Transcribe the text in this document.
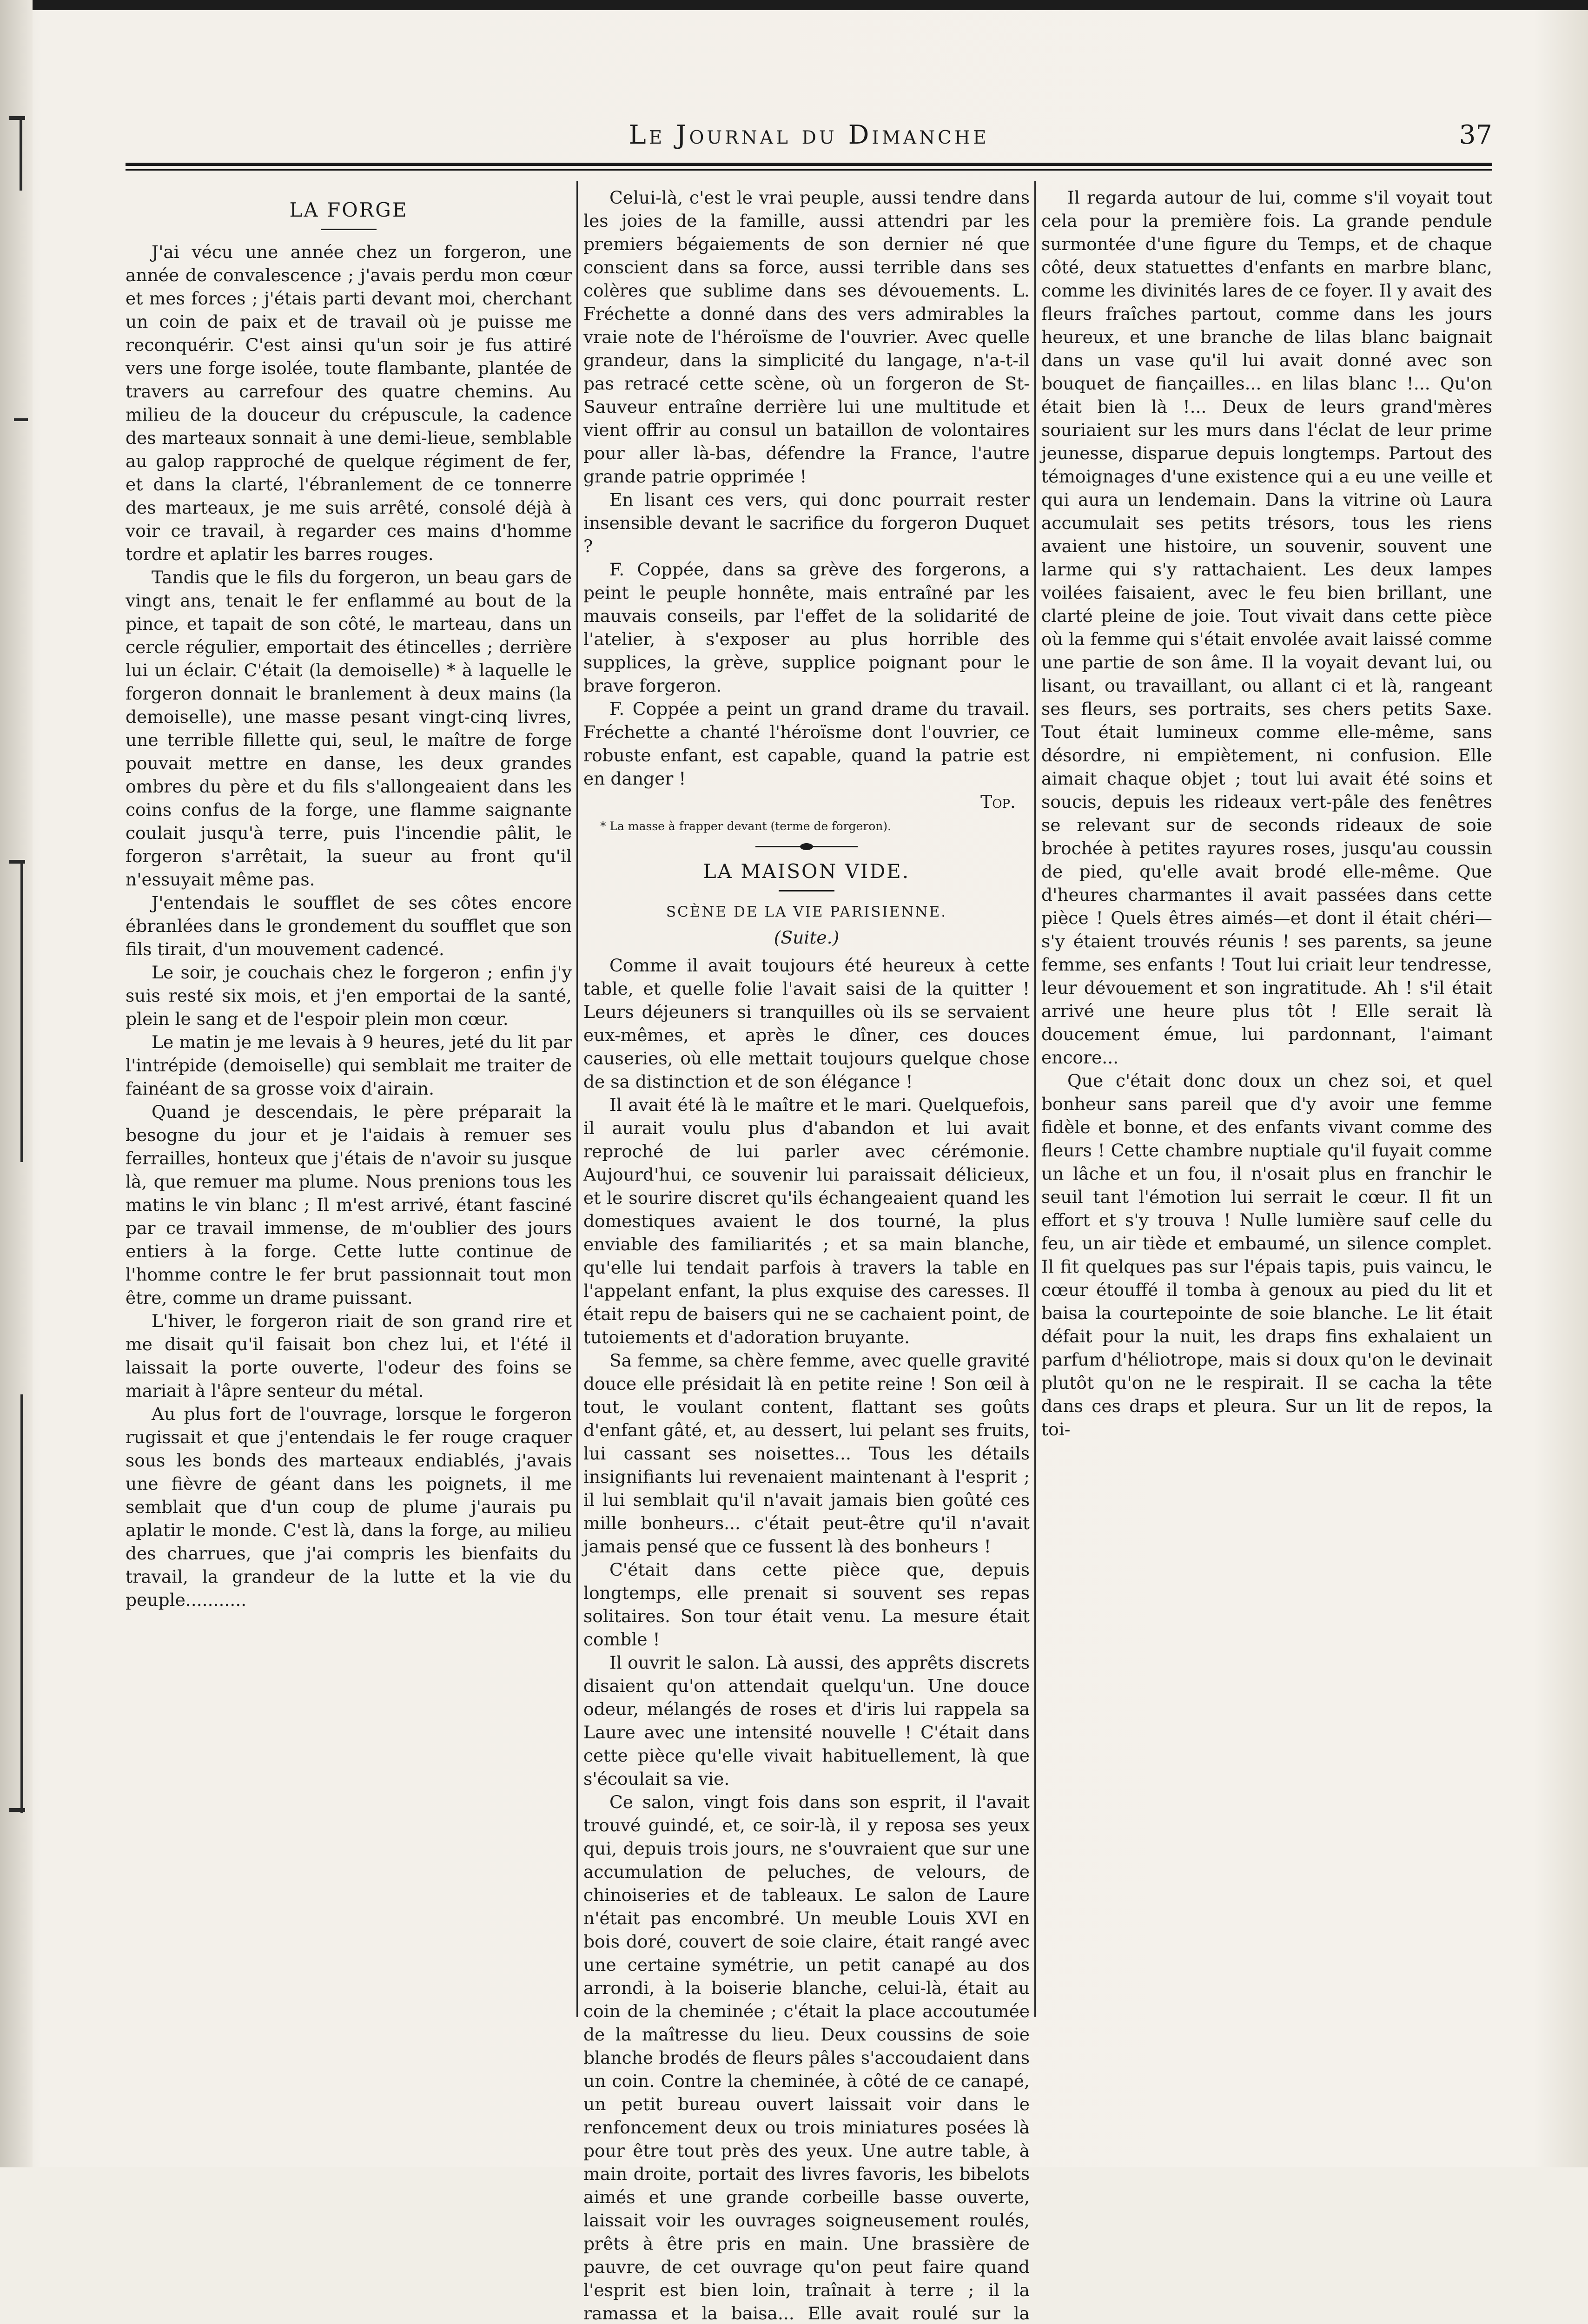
Le Journal du Dimanche	37
LA FORGE

J'ai vécu une année chez un forgeron, une année de convalescence ; j'avais perdu mon cœur et mes forces ; j'étais parti devant moi, cherchant un coin de paix et de travail où je puisse me reconquérir. C'est ainsi qu'un soir je fus attiré vers une forge isolée, toute flambante, plantée de travers au carrefour des quatre chemins. Au milieu de la douceur du crépuscule, la cadence des marteaux sonnait à une demi-lieue, semblable au galop rapproché de quelque régiment de fer, et dans la clarté, l'ébranlement de ce tonnerre des marteaux, je me suis arrêté, consolé déjà à voir ce travail, à regarder ces mains d'homme tordre et aplatir les barres rouges.

Tandis que le fils du forgeron, un beau gars de vingt ans, tenait le fer enflammé au bout de la pince, et tapait de son côté, le marteau, dans un cercle régulier, emportait des étincelles ; derrière lui un éclair. C'était (la demoiselle) * à laquelle le forgeron donnait le branlement à deux mains (la demoiselle), une masse pesant vingt-cinq livres, une terrible fillette qui, seul, le maître de forge pouvait mettre en danse, les deux grandes ombres du père et du fils s'allongeaient dans les coins confus de la forge, une flamme saignante coulait jusqu'à terre, puis l'incendie pâlit, le forgeron s'arrêtait, la sueur au front qu'il n'essuyait même pas.

J'entendais le soufflet de ses côtes encore ébranlées dans le grondement du soufflet que son fils tirait, d'un mouvement cadencé.

Le soir, je couchais chez le forgeron ; enfin j'y suis resté six mois, et j'en emportai de la santé, plein le sang et de l'espoir plein mon cœur.

Le matin je me levais à 9 heures, jeté du lit par l'intrépide (demoiselle) qui semblait me traiter de fainéant de sa grosse voix d'airain.

Quand je descendais, le père préparait la besogne du jour et je l'aidais à remuer ses ferrailles, honteux que j'étais de n'avoir su jusque là, que remuer ma plume. Nous prenions tous les matins le vin blanc ; Il m'est arrivé, étant fasciné par ce travail immense, de m'oublier des jours entiers à la forge. Cette lutte continue de l'homme contre le fer brut passionnait tout mon être, comme un drame puissant.

L'hiver, le forgeron riait de son grand rire et me disait qu'il faisait bon chez lui, et l'été il laissait la porte ouverte, l'odeur des foins se mariait à l'âpre senteur du métal.

Au plus fort de l'ouvrage, lorsque le forgeron rugissait et que j'entendais le fer rouge craquer sous les bonds des marteaux endiablés, j'avais une fièvre de géant dans les poignets, il me semblait que d'un coup de plume j'aurais pu aplatir le monde. C'est là, dans la forge, au milieu des charrues, que j'ai compris les bienfaits du travail, la grandeur de la lutte et la vie du peuple...........

Celui-là, c'est le vrai peuple, aussi tendre dans les joies de la famille, aussi attendri par les premiers bégaiements de son dernier né que conscient dans sa force, aussi terrible dans ses colères que sublime dans ses dévouements. L. Fréchette a donné dans des vers admirables la vraie note de l'héroïsme de l'ouvrier. Avec quelle grandeur, dans la simplicité du langage, n'a-t-il pas retracé cette scène, où un forgeron de St-Sauveur entraîne derrière lui une multitude et vient offrir au consul un bataillon de volontaires pour aller là-bas, défendre la France, l'autre grande patrie opprimée !

En lisant ces vers, qui donc pourrait rester insensible devant le sacrifice du forgeron Duquet ?

F. Coppée, dans sa grève des forgerons, a peint le peuple honnête, mais entraîné par les mauvais conseils, par l'effet de la solidarité de l'atelier, à s'exposer au plus horrible des supplices, la grève, supplice poignant pour le brave forgeron.

F. Coppée a peint un grand drame du travail. Fréchette a chanté l'héroïsme dont l'ouvrier, ce robuste enfant, est capable, quand la patrie est en danger !

Top.

* La masse à frapper devant (terme de forgeron).

LA MAISON VIDE.
SCÈNE DE LA VIE PARISIENNE.
(Suite.)

Comme il avait toujours été heureux à cette table, et quelle folie l'avait saisi de la quitter ! Leurs déjeuners si tranquilles où ils se servaient eux-mêmes, et après le dîner, ces douces causeries, où elle mettait toujours quelque chose de sa distinction et de son élégance !

Il avait été là le maître et le mari. Quelquefois, il aurait voulu plus d'abandon et lui avait reproché de lui parler avec cérémonie. Aujourd'hui, ce souvenir lui paraissait délicieux, et le sourire discret qu'ils échangeaient quand les domestiques avaient le dos tourné, la plus enviable des familiarités ; et sa main blanche, qu'elle lui tendait parfois à travers la table en l'appelant enfant, la plus exquise des caresses. Il était repu de baisers qui ne se cachaient point, de tutoiements et d'adoration bruyante.

Sa femme, sa chère femme, avec quelle gravité douce elle présidait là en petite reine ! Son œil à tout, le voulant content, flattant ses goûts d'enfant gâté, et, au dessert, lui pelant ses fruits, lui cassant ses noisettes... Tous les détails insignifiants lui revenaient maintenant à l'esprit ; il lui semblait qu'il n'avait jamais bien goûté ces mille bonheurs... c'était peut-être qu'il n'avait jamais pensé que ce fussent là des bonheurs !

C'était dans cette pièce que, depuis longtemps, elle prenait si souvent ses repas solitaires. Son tour était venu. La mesure était comble !

Il ouvrit le salon. Là aussi, des apprêts discrets disaient qu'on attendait quelqu'un. Une douce odeur, mélangés de roses et d'iris lui rappela sa Laure avec une intensité nouvelle ! C'était dans cette pièce qu'elle vivait habituellement, là que s'écoulait sa vie.

Ce salon, vingt fois dans son esprit, il l'avait trouvé guindé, et, ce soir-là, il y reposa ses yeux qui, depuis trois jours, ne s'ouvraient que sur une accumulation de peluches, de velours, de chinoiseries et de tableaux. Le salon de Laure n'était pas encombré. Un meuble Louis XVI en bois doré, couvert de soie claire, était rangé avec une certaine symétrie, un petit canapé au dos arrondi, à la boiserie blanche, celui-là, était au coin de la cheminée ; c'était la place accoutumée de la maîtresse du lieu. Deux coussins de soie blanche brodés de fleurs pâles s'accoudaient dans un coin. Contre la cheminée, à côté de ce canapé, un petit bureau ouvert laissait voir dans le renfoncement deux ou trois miniatures posées là pour être tout près des yeux. Une autre table, à main droite, portait des livres favoris, les bibelots aimés et une grande corbeille basse ouverte, laissait voir les ouvrages soigneusement roulés, prêts à être pris en main. Une brassière de pauvre, de cet ouvrage qu'on peut faire quand l'esprit est bien loin, traînait à terre ; il la ramassa et la baisa... Elle avait roulé sur la

Il regarda autour de lui, comme s'il voyait tout cela pour la première fois. La grande pendule surmontée d'une figure du Temps, et de chaque côté, deux statuettes d'enfants en marbre blanc, comme les divinités lares de ce foyer. Il y avait des fleurs fraîches partout, comme dans les jours heureux, et une branche de lilas blanc baignait dans un vase qu'il lui avait donné avec son bouquet de fiançailles... en lilas blanc !... Qu'on était bien là !... Deux de leurs grand'mères souriaient sur les murs dans l'éclat de leur prime jeunesse, disparue depuis longtemps. Partout des témoignages d'une existence qui a eu une veille et qui aura un lendemain. Dans la vitrine où Laura accumulait ses petits trésors, tous les riens avaient une histoire, un souvenir, souvent une larme qui s'y rattachaient. Les deux lampes voilées faisaient, avec le feu bien brillant, une clarté pleine de joie. Tout vivait dans cette pièce où la femme qui s'était envolée avait laissé comme une partie de son âme. Il la voyait devant lui, ou lisant, ou travaillant, ou allant ci et là, rangeant ses fleurs, ses portraits, ses chers petits Saxe. Tout était lumineux comme elle-même, sans désordre, ni empiètement, ni confusion. Elle aimait chaque objet ; tout lui avait été soins et soucis, depuis les rideaux vert-pâle des fenêtres se relevant sur de seconds rideaux de soie brochée à petites rayures roses, jusqu'au coussin de pied, qu'elle avait brodé elle-même. Que d'heures charmantes il avait passées dans cette pièce ! Quels êtres aimés—et dont il était chéri—s'y étaient trouvés réunis ! ses parents, sa jeune femme, ses enfants ! Tout lui criait leur tendresse, leur dévouement et son ingratitude. Ah ! s'il était arrivé une heure plus tôt ! Elle serait là doucement émue, lui pardonnant, l'aimant encore...

Que c'était donc doux un chez soi, et quel bonheur sans pareil que d'y avoir une femme fidèle et bonne, et des enfants vivant comme des fleurs ! Cette chambre nuptiale qu'il fuyait comme un lâche et un fou, il n'osait plus en franchir le seuil tant l'émotion lui serrait le cœur. Il fit un effort et s'y trouva ! Nulle lumière sauf celle du feu, un air tiède et embaumé, un silence complet. Il fit quelques pas sur l'épais tapis, puis vaincu, le cœur étouffé il tomba à genoux au pied du lit et baisa la courtepointe de soie blanche. Le lit était défait pour la nuit, les draps fins exhalaient un parfum d'héliotrope, mais si doux qu'on le devinait plutôt qu'on ne le respirait. Il se cacha la tête dans ces draps et pleura. Sur un lit de repos, la toi-
